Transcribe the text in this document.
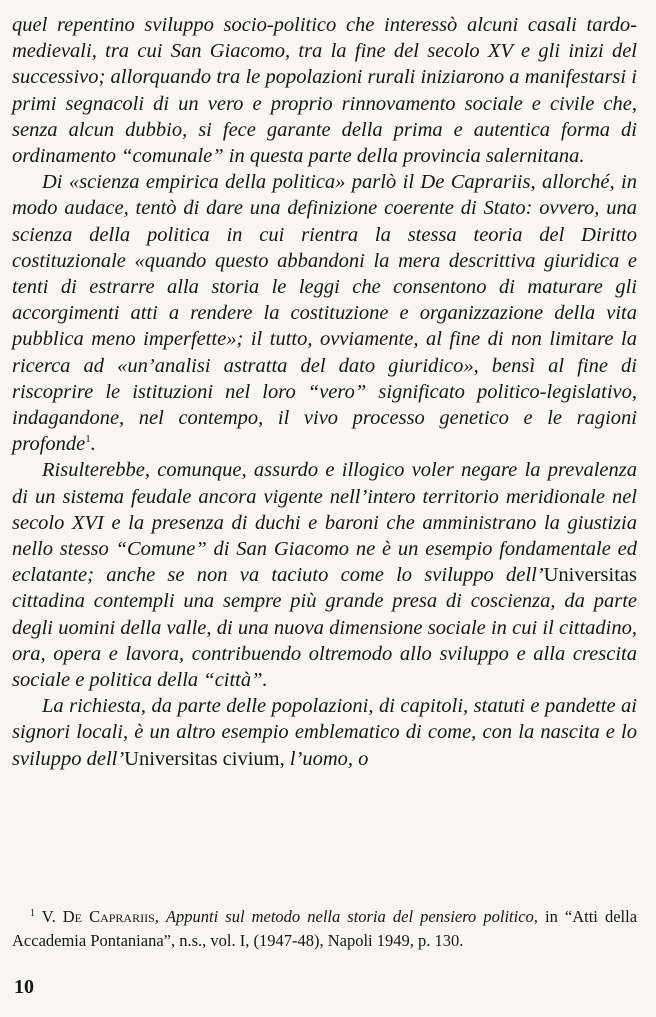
quel repentino sviluppo socio-politico che interessò alcuni casali tardo-medievali, tra cui San Giacomo, tra la fine del secolo XV e gli inizi del successivo; allorquando tra le popolazioni rurali iniziarono a manifestarsi i primi segnacoli di un vero e proprio rinnovamento sociale e civile che, senza alcun dubbio, si fece garante della prima e autentica forma di ordinamento “comunale” in questa parte della provincia salernitana.

Di «scienza empirica della politica» parlò il De Caprariis, allorché, in modo audace, tentò di dare una definizione coerente di Stato: ovvero, una scienza della politica in cui rientra la stessa teoria del Diritto costituzionale «quando questo abbandoni la mera descrittiva giuridica e tenti di estrarre alla storia le leggi che consentono di maturare gli accorgimenti atti a rendere la costituzione e organizzazione della vita pubblica meno imperfette»; il tutto, ovviamente, al fine di non limitare la ricerca ad «un’analisi astratta del dato giuridico», bensì al fine di riscoprire le istituzioni nel loro “vero” significato politico-legislativo, indagandone, nel contempo, il vivo processo genetico e le ragioni profonde$^1$.

Risulterebbe, comunque, assurdo e illogico voler negare la prevalenza di un sistema feudale ancora vigente nell’intero territorio meridionale nel secolo XVI e la presenza di duchi e baroni che amministrano la giustizia nello stesso “Comune” di San Giacomo ne è un esempio fondamentale ed eclatante; anche se non va taciuto come lo sviluppo dell’Universitas cittadina contempli una sempre più grande presa di coscienza, da parte degli uomini della valle, di una nuova dimensione sociale in cui il cittadino, ora, opera e lavora, contribuendo oltremodo allo sviluppo e alla crescita sociale e politica della “città”.

La richiesta, da parte delle popolazioni, di capitoli, statuti e pandette ai signori locali, è un altro esempio emblematico di come, con la nascita e lo sviluppo dell’Universitas civium, l’uomo, o

$^1$ V. De Caprariis, Appunti sul metodo nella storia del pensiero politico, in “Atti della Accademia Pontaniana”, n.s., vol. I, (1947-48), Napoli 1949, p. 130.
10
